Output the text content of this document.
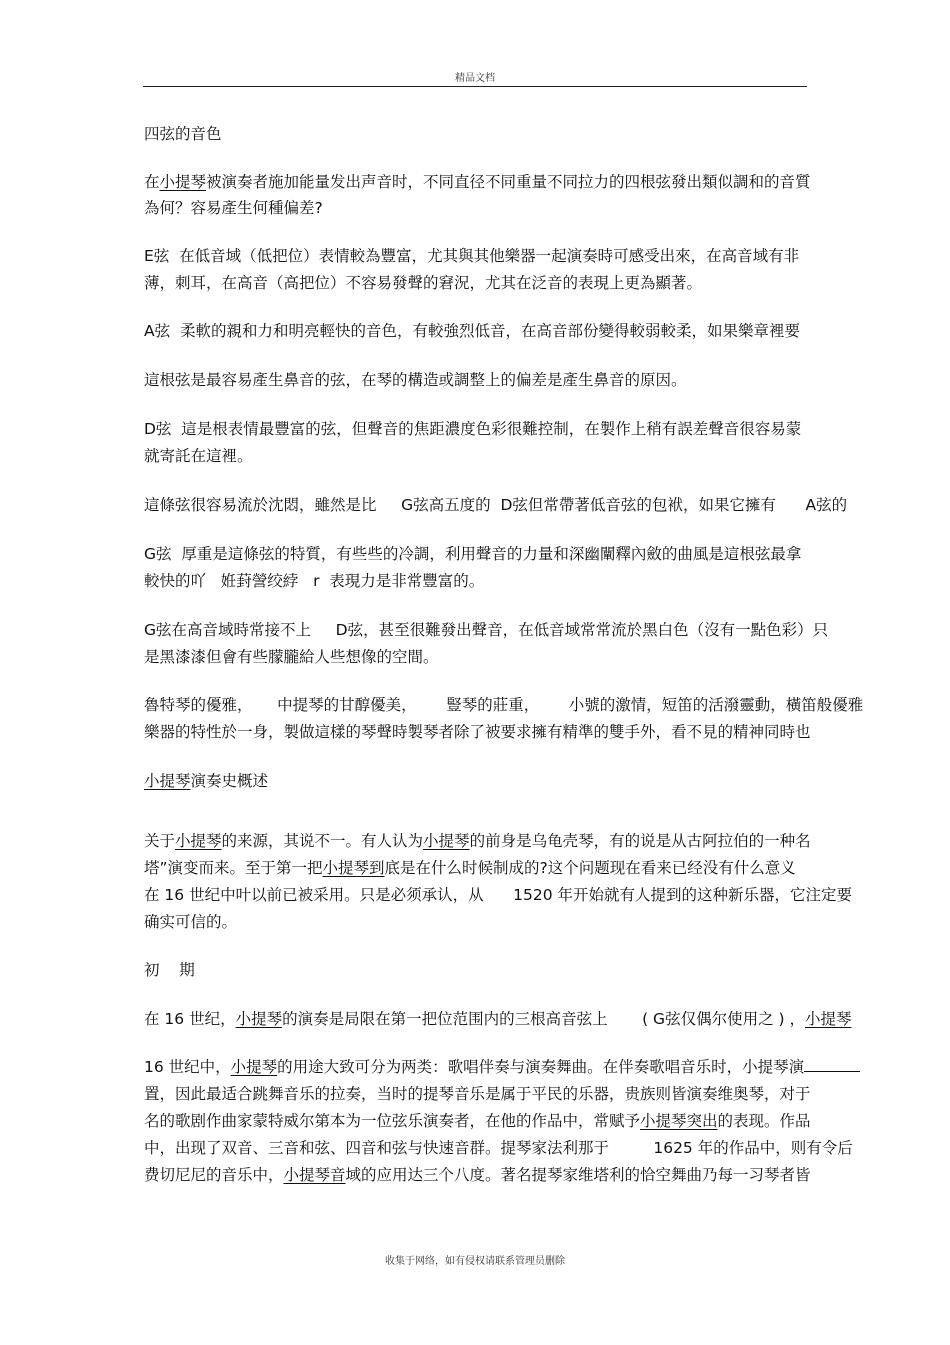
精品文档
四弦的音色
在小提琴被演奏者施加能量发出声音时，不同直径不同重量不同拉力的四根弦發出類似調和的音質
為何？容易產生何種偏差?
E弦  在低音域（低把位）表情較為豐富，尤其與其他樂器一起演奏時可感受出來，在高音域有非
薄，刺耳，在高音（高把位）不容易發聲的窘況，尤其在泛音的表現上更為顯著。
A弦  柔軟的親和力和明亮輕快的音色，有較強烈低音，在高音部份變得較弱較柔，如果樂章裡要
這根弦是最容易產生鼻音的弦，在琴的構造或調整上的偏差是產生鼻音的原因。
D弦  這是根表情最豐富的弦，但聲音的焦距濃度色彩很難控制，在製作上稍有誤差聲音很容易蒙
就寄託在這裡。
這條弦很容易流於沈悶，雖然是比     G弦高五度的  D弦但常帶著低音弦的包袱，如果它擁有      A弦的
G弦  厚重是這條弦的特質，有些些的冷調，利用聲音的力量和深幽闡釋內斂的曲風是這根弦最拿
較快的吖   姙葑謍绞綍   r  表現力是非常豐富的。
G弦在高音域時常接不上     D弦，甚至很難發出聲音，在低音域常常流於黑白色（沒有一點色彩）只
是黑漆漆但會有些朦朧給人些想像的空間。
魯特琴的優雅，     中提琴的甘醇優美，      豎琴的莊重，      小號的激情，短笛的活潑靈動，橫笛般優雅
樂器的特性於一身，製做這樣的琴聲時製琴者除了被要求擁有精準的雙手外，看不見的精神同時也
小提琴演奏史概述
关于小提琴的来源，其说不一。有人认为小提琴的前身是乌龟壳琴，有的说是从古阿拉伯的一种名
塔”演变而来。至于第一把小提琴到底是在什么时候制成的?这个问题现在看来已经没有什么意义
在 16 世纪中叶以前已被采用。只是必须承认，从      1520 年开始就有人提到的这种新乐器，它注定要
确实可信的。
初    期
在 16 世纪，小提琴的演奏是局限在第一把位范围内的三根高音弦上       ( G弦仅偶尔使用之 ) ，小提琴
16 世纪中，小提琴的用途大致可分为两类：歌唱伴奏与演奏舞曲。在伴奏歌唱音乐时，小提琴演
置，因此最适合跳舞音乐的拉奏，当时的提琴音乐是属于平民的乐器，贵族则皆演奏维奥琴，对于
名的歌剧作曲家蒙特威尔第本为一位弦乐演奏者，在他的作品中，常赋予小提琴突出的表现。作品
中，出现了双音、三音和弦、四音和弦与快速音群。提琴家法利那于         1625 年的作品中，则有令后
费切尼尼的音乐中，小提琴音域的应用达三个八度。著名提琴家维塔利的恰空舞曲乃每一习琴者皆
收集于网络，如有侵权请联系管理员删除
